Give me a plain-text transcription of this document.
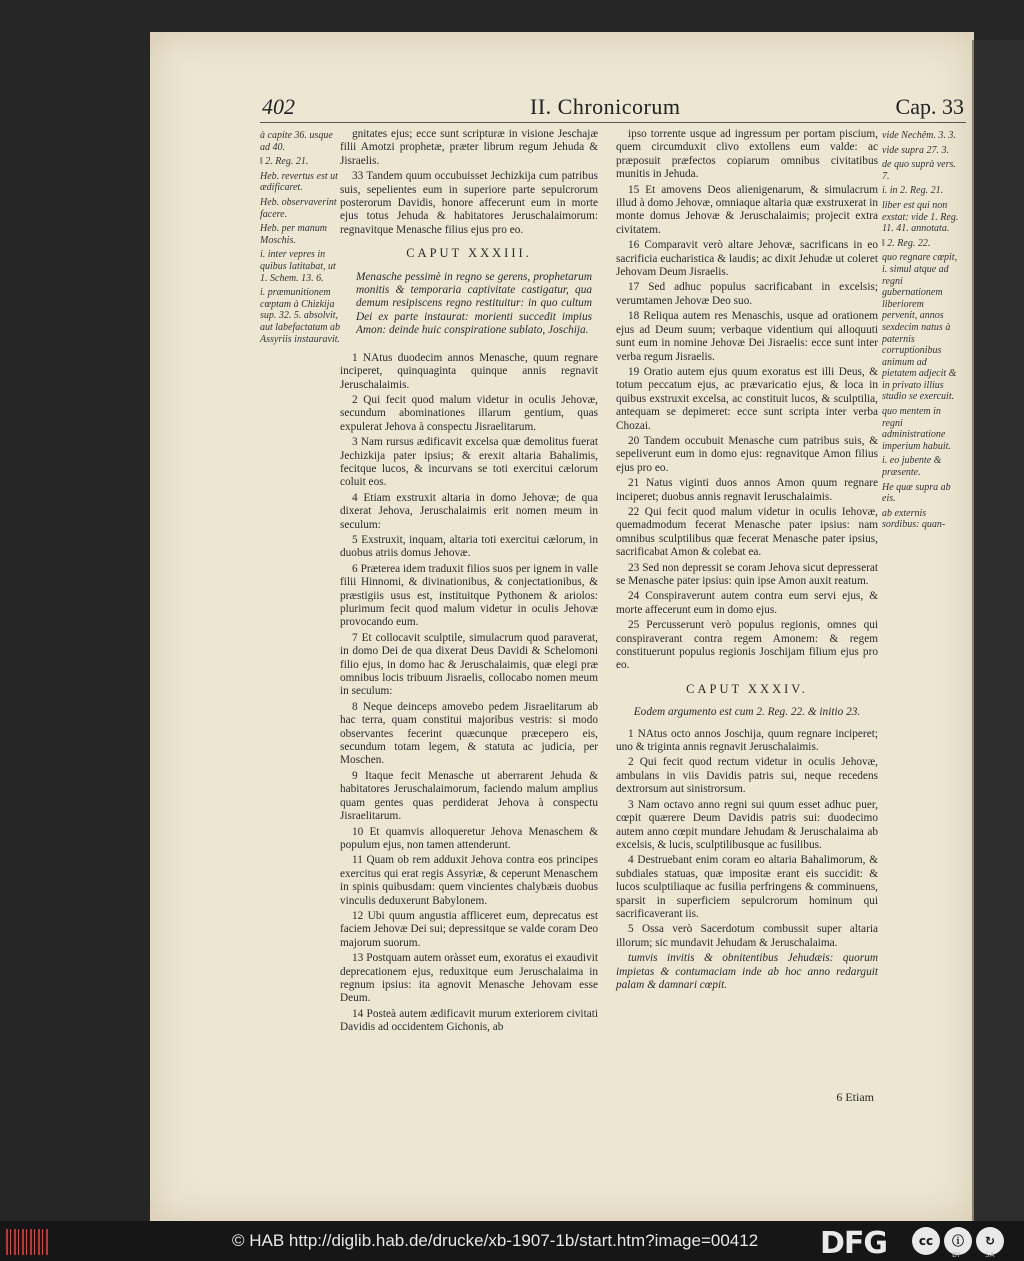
402	II. Chronicorum	Cap. 33

à capite 36. usque ad 40.

‖ 2. Reg. 21.

Heb. revertus est ut ædificaret.

Heb. observaverint facere.

Heb. per manum Moschis.

i. inter vepres in quibus latitabat, ut 1. Schem. 13. 6.

i. præmunitionem cœptam à Chizkija sup. 32. 5. absolvit, aut labefactatam ab Assyriis instauravit.

gnitates ejus; ecce sunt scripturæ in visione Jeschajæ filii Amotzi prophetæ, præter librum regum Jehuda & Jisraelis.

33 Tandem quum occubuisset Jechizkija cum patribus suis, sepelientes eum in superiore parte sepulcrorum posterorum Davidis, honore affecerunt eum in morte ejus totus Jehuda & habitatores Jeruschalaimorum: regnavitque Menasche filius ejus pro eo.

CAPUT XXXIII.

Menasche pessimè in regno se gerens, prophetarum monitis & temporaria captivitate castigatur, qua demum resipiscens regno restituitur: in quo cultum Dei ex parte instaurat: morienti succedit impius Amon: deinde huic conspiratione sublato, Joschija.

1 NAtus duodecim annos Menasche, quum regnare inciperet, quinquaginta quinque annis regnavit Jeruschalaimis.

2 Qui fecit quod malum videtur in oculis Jehovæ, secundum abominationes illarum gentium, quas expulerat Jehova à conspectu Jisraelitarum.

3 Nam rursus ædificavit excelsa quæ demolitus fuerat Jechizkija pater ipsius; & erexit altaria Bahalimis, fecitque lucos, & incurvans se toti exercitui cælorum coluit eos.

4 Etiam exstruxit altaria in domo Jehovæ; de qua dixerat Jehova, Jeruschalaimis erit nomen meum in seculum:

5 Exstruxit, inquam, altaria toti exercitui cælorum, in duobus atriis domus Jehovæ.

6 Præterea idem traduxit filios suos per ignem in valle filii Hinnomi, & divinationibus, & conjectationibus, & præstigiis usus est, instituitque Pythonem & ariolos: plurimum fecit quod malum videtur in oculis Jehovæ provocando eum.

7 Et collocavit sculptile, simulacrum quod paraverat, in domo Dei de qua dixerat Deus Davidi & Schelomoni filio ejus, in domo hac & Jeruschalaimis, quæ elegi præ omnibus locis tribuum Jisraelis, collocabo nomen meum in seculum:

8 Neque deinceps amovebo pedem Jisraelitarum ab hac terra, quam constitui majoribus vestris: si modo observantes fecerint quæcunque præcepero eis, secundum totam legem, & statuta ac judicia, per Moschen.

9 Itaque fecit Menasche ut aberrarent Jehuda & habitatores Jeruschalaimorum, faciendo malum amplius quam gentes quas perdiderat Jehova à conspectu Jisraelitarum.

10 Et quamvis alloqueretur Jehova Menaschem & populum ejus, non tamen attenderunt.

11 Quam ob rem adduxit Jehova contra eos principes exercitus qui erat regis Assyriæ, & ceperunt Menaschem in spinis quibusdam: quem vincientes chalybæis duobus vinculis deduxerunt Babylonem.

12 Ubi quum angustia affliceret eum, deprecatus est faciem Jehovæ Dei sui; depressitque se valde coram Deo majorum suorum.

13 Postquam autem oràsset eum, exoratus ei exaudivit deprecationem ejus, reduxitque eum Jeruschalaima in regnum ipsius: ita agnovit Menasche Jehovam esse Deum.

14 Posteà autem ædificavit murum exteriorem civitati Davidis ad occidentem Gichonis, ab

ipso torrente usque ad ingressum per portam piscium, quem circumduxit clivo extollens eum valde: ac præposuit præfectos copiarum omnibus civitatibus munitis in Jehuda.

15 Et amovens Deos alienigenarum, & simulacrum illud à domo Jehovæ, omniaque altaria quæ exstruxerat in monte domus Jehovæ & Jeruschalaimis; projecit extra civitatem.

16 Comparavit verò altare Jehovæ, sacrificans in eo sacrificia eucharistica & laudis; ac dixit Jehudæ ut coleret Jehovam Deum Jisraelis.

17 Sed adhuc populus sacrificabant in excelsis; verumtamen Jehovæ Deo suo.

18 Reliqua autem res Menaschis, usque ad orationem ejus ad Deum suum; verbaque videntium qui alloquuti sunt eum in nomine Jehovæ Dei Jisraelis: ecce sunt inter verba regum Jisraelis.

19 Oratio autem ejus quum exoratus est illi Deus, & totum peccatum ejus, ac prævaricatio ejus, & loca in quibus exstruxit excelsa, ac constituit lucos, & sculptilia, antequam se depimeret: ecce sunt scripta inter verba Chozai.

20 Tandem occubuit Menasche cum patribus suis, & sepeliverunt eum in domo ejus: regnavitque Amon filius ejus pro eo.

21 Natus viginti duos annos Amon quum regnare inciperet; duobus annis regnavit Ieruschalaimis.

22 Qui fecit quod malum videtur in oculis Iehovæ, quemadmodum fecerat Menasche pater ipsius: nam omnibus sculptilibus quæ fecerat Menasche pater ipsius, sacrificabat Amon & colebat ea.

23 Sed non depressit se coram Jehova sicut depresserat se Menasche pater ipsius: quin ipse Amon auxit reatum.

24 Conspiraverunt autem contra eum servi ejus, & morte affecerunt eum in domo ejus.

25 Percusserunt verò populus regionis, omnes qui conspiraverant contra regem Amonem: & regem constituerunt populus regionis Joschijam filium ejus pro eo.

CAPUT XXXIV.

Eodem argumento est cum 2. Reg. 22. & initio 23.

1 NAtus octo annos Joschija, quum regnare inciperet; uno & triginta annis regnavit Jeruschalaimis.

2 Qui fecit quod rectum videtur in oculis Jehovæ, ambulans in viis Davidis patris sui, neque recedens dextrorsum aut sinistrorsum.

3 Nam octavo anno regni sui quum esset adhuc puer, cœpit quærere Deum Davidis patris sui: duodecimo autem anno cœpit mundare Jehudam & Jeruschalaima ab excelsis, & lucis, sculptilibusque ac fusilibus.

4 Destruebant enim coram eo altaria Bahalimorum, & subdiales statuas, quæ impositæ erant eis succidit: & lucos sculptiliaque ac fusilia perfringens & comminuens, sparsit in superficiem sepulcrorum hominum qui sacrificaverant iis.

5 Ossa verò Sacerdotum combussit super altaria illorum; sic mundavit Jehudam & Jeruschalaima.

tumvis invitis & obnitentibus Jehudæis: quorum impietas & contumaciam inde ab hoc anno redarguit palam & damnari cœpit.

vide Nechêm. 3. 3.

vide supra 27. 3.

de quo suprà vers. 7.

i. in 2. Reg. 21.

liber est qui non exstat: vide 1. Reg. 11. 41. annotata.

‖ 2. Reg. 22.

quo regnare cœpit, i. simul atque ad regni gubernationem liberiorem pervenit, annos sexdecim natus à paternis corruptionibus animum ad pietatem adjecit & in privato illius studio se exercuit.

quo mentem in regni administratione imperium habuit.

i. eo jubente & præsente.

He quæ supra ab eis.

ab externis sordibus: quan-

6 Etiam
© HAB http://diglib.hab.de/drucke/xb-1907-1b/start.htm?image=00412 DFG	cc	ⓘ	↻
BY	SA
